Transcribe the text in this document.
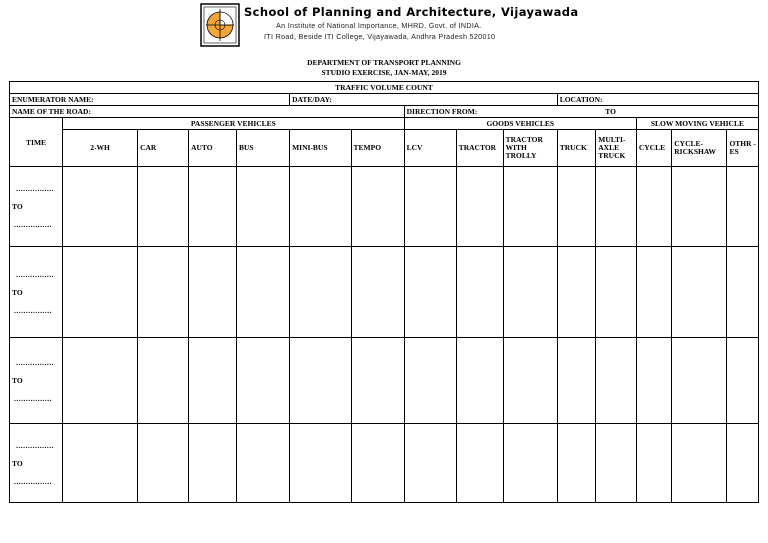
School of Planning and Architecture, Vijayawada
An Institute of National Importance, MHRD, Govt. of INDIA.
ITI Road, Beside ITI College, Vijayawada, Andhra Pradesh 520010
DEPARTMENT OF TRANSPORT PLANNING
STUDIO EXERCISE, JAN-MAY, 2019
TRAFFIC VOLUME COUNT														
ENUMERATOR NAME:					DATE/DAY:					LOCATION:				
NAME OF THE ROAD:							DIRECTION FROM: TO							

TIME	PASSENGER VEHICLES						GOODS VEHICLES					SLOW MOVING VEHICLE		
	2-WH	CAR	AUTO	BUS	MINI-BUS	TEMPO	LCV	TRACTOR	TRACTOR WITH TROLLY	TRUCK	MULTI-AXLE TRUCK	CYCLE	CYCLE-RICKSHAW	OTHR -ES

................
TO
................														

................
TO
................														

................
TO
................														

................
TO
................														
